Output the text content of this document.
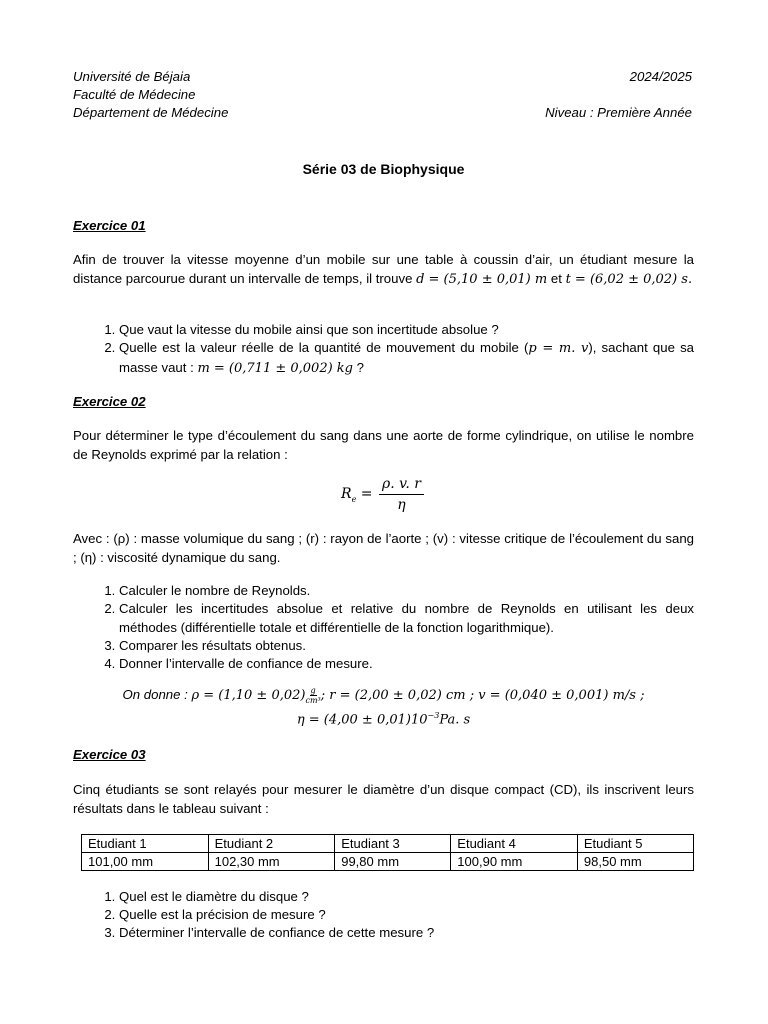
Université de Béjaia
Faculté de Médecine
Département de Médecine
2024/2025
Niveau : Première Année
Série 03 de Biophysique
Exercice 01
Afin de trouver la vitesse moyenne d’un mobile sur une table à coussin d’air, un étudiant mesure la distance parcourue durant un intervalle de temps, il trouve d = (5,10 ± 0,01) m et t = (6,02 ± 0,02) s.
1. Que vaut la vitesse du mobile ainsi que son incertitude absolue ?
2. Quelle est la valeur réelle de la quantité de mouvement du mobile (p = m. v), sachant que sa masse vaut : m = (0,711 ± 0,002) kg ?
Exercice 02
Pour déterminer le type d’écoulement du sang dans une aorte de forme cylindrique, on utilise le nombre de Reynolds exprimé par la relation :
$R_e = \frac{\rho. v. r}{\eta}$
Avec : (ρ) : masse volumique du sang ; (r) : rayon de l’aorte ; (v) : vitesse critique de l’écoulement du sang ; (η) : viscosité dynamique du sang.
1. Calculer le nombre de Reynolds.
2. Calculer les incertitudes absolue et relative du nombre de Reynolds en utilisant les deux méthodes (différentielle totale et différentielle de la fonction logarithmique).
3. Comparer les résultats obtenus.
4. Donner l’intervalle de confiance de mesure.
On donne : $\rho = (1,10 \pm 0,02) \frac{g}{\text{cm³}}$ ; r = (2,00 ± 0,02) cm ; v = (0,040 ± 0,001) m/s ;
$\eta = (4,00 \pm 0,01)10^{-3}Pa$. s
Exercice 03
Cinq étudiants se sont relayés pour mesurer le diamètre d’un disque compact (CD), ils inscrivent leurs résultats dans le tableau suivant :
Etudiant 1	Etudiant 2	Etudiant 3	Etudiant 4	Etudiant 5
101,00 mm	102,30 mm	99,80 mm	100,90 mm	98,50 mm
1. Quel est le diamètre du disque ?
2. Quelle est la précision de mesure ?
3. Déterminer l’intervalle de confiance de cette mesure ?
